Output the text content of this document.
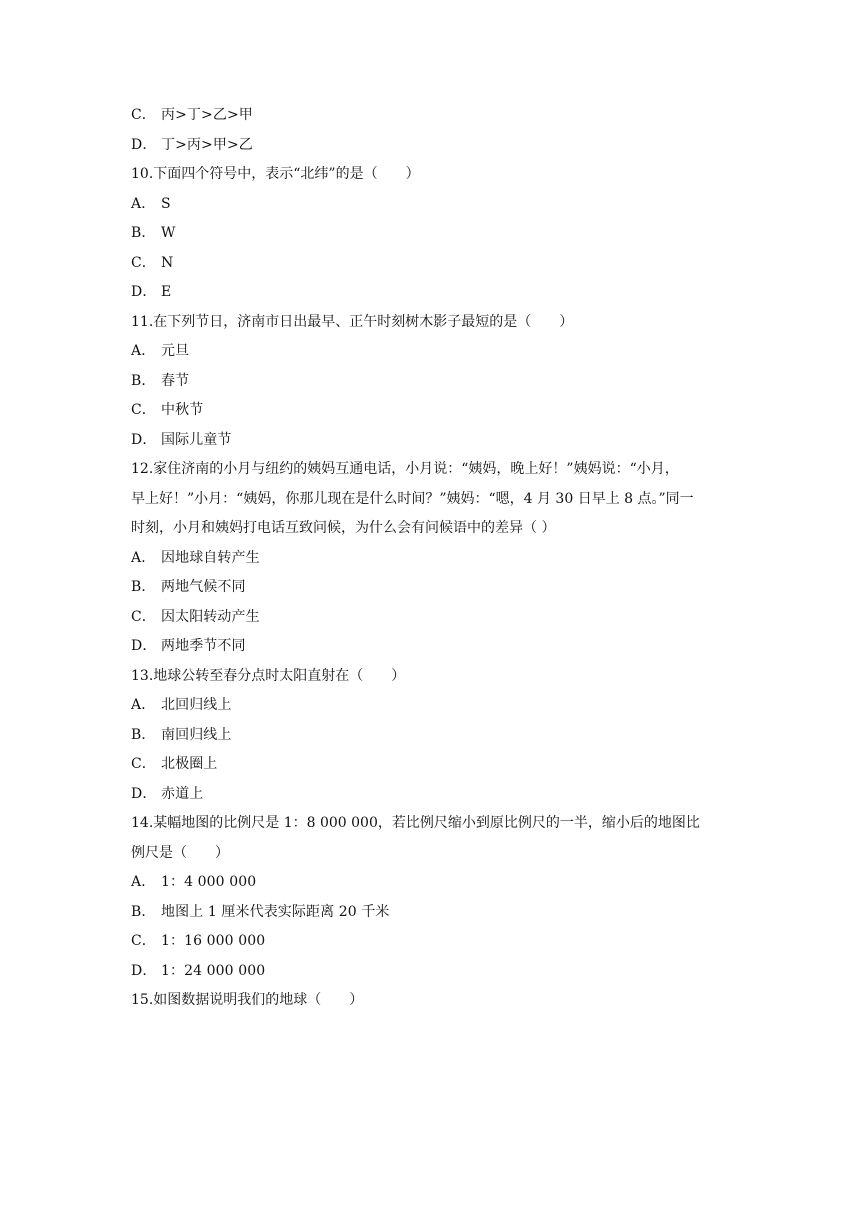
C． 丙>丁>乙>甲
D． 丁>丙>甲>乙
10.下面四个符号中，表示“北纬”的是（　　）
A． S
B． W
C． N
D． E
11.在下列节日，济南市日出最早、正午时刻树木影子最短的是（　　）
A． 元旦
B． 春节
C． 中秋节
D． 国际儿童节
12.家住济南的小月与纽约的姨妈互通电话，小月说：“姨妈，晚上好！”姨妈说：“小月，
早上好！”小月：“姨妈，你那儿现在是什么时间？”姨妈：“嗯，4 月 30 日早上 8 点。”同一
时刻，小月和姨妈打电话互致问候，为什么会有问候语中的差异（ ）
A． 因地球自转产生
B． 两地气候不同
C． 因太阳转动产生
D． 两地季节不同
13.地球公转至春分点时太阳直射在（　　）
A． 北回归线上
B． 南回归线上
C． 北极圈上
D． 赤道上
14.某幅地图的比例尺是 1：8 000 000，若比例尺缩小到原比例尺的一半，缩小后的地图比
例尺是（　　）
A． 1：4 000 000
B． 地图上 1 厘米代表实际距离 20 千米
C． 1：16 000 000
D． 1：24 000 000
15.如图数据说明我们的地球（　　）
